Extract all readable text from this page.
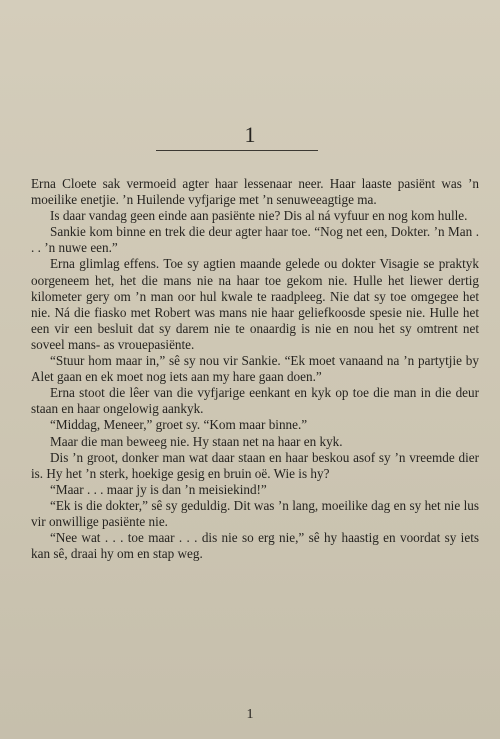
1

Erna Cloete sak vermoeid agter haar lessenaar neer. Haar laaste pasiënt was ’n moeilike enetjie. ’n Huilende vyfjarige met ’n senuweeagtige ma.

Is daar vandag geen einde aan pasiënte nie? Dis al ná vyfuur en nog kom hulle.

Sankie kom binne en trek die deur agter haar toe. “Nog net een, Dokter. ’n Man . . . ’n nuwe een.”

Erna glimlag effens. Toe sy agtien maande gelede ou dokter Visagie se praktyk oorgeneem het, het die mans nie na haar toe gekom nie. Hulle het liewer dertig kilometer gery om ’n man oor hul kwale te raadpleeg. Nie dat sy toe omgegee het nie. Ná die fiasko met Robert was mans nie haar geliefkoosde spesie nie. Hulle het een vir een besluit dat sy darem nie te onaardig is nie en nou het sy omtrent net soveel mans- as vrouepasiënte.

“Stuur hom maar in,” sê sy nou vir Sankie. “Ek moet vanaand na ’n partytjie by Alet gaan en ek moet nog iets aan my hare gaan doen.”

Erna stoot die lêer van die vyfjarige eenkant en kyk op toe die man in die deur staan en haar ongelowig aankyk.

“Middag, Meneer,” groet sy. “Kom maar binne.”

Maar die man beweeg nie. Hy staan net na haar en kyk.

Dis ’n groot, donker man wat daar staan en haar beskou asof sy ’n vreemde dier is. Hy het ’n sterk, hoekige gesig en bruin oë. Wie is hy?

“Maar . . . maar jy is dan ’n meisiekind!”

“Ek is die dokter,” sê sy geduldig. Dit was ’n lang, moeilike dag en sy het nie lus vir onwillige pasiënte nie.

“Nee wat . . . toe maar . . . dis nie so erg nie,” sê hy haastig en voordat sy iets kan sê, draai hy om en stap weg.

1
